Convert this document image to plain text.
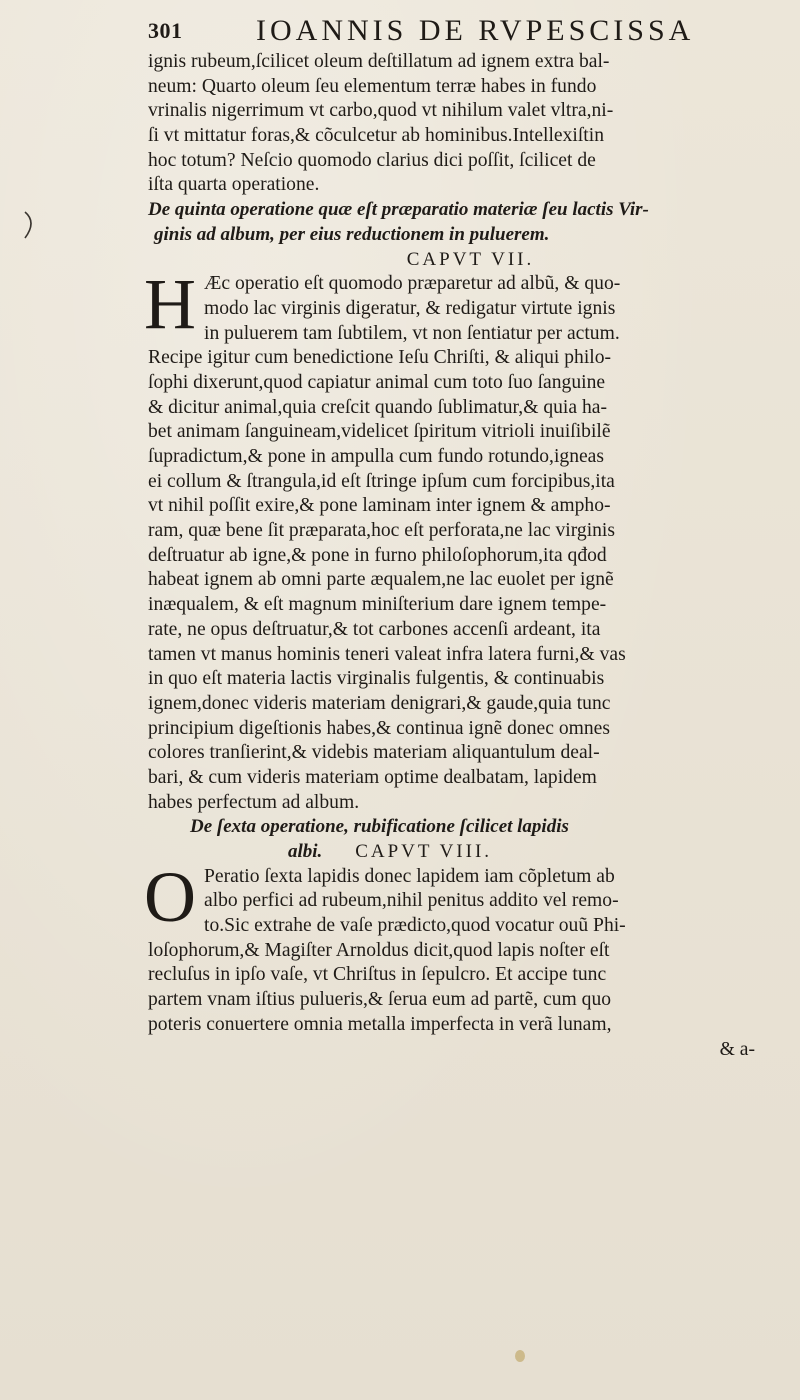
301 IOANNIS DE RVPESCISSA
ignis rubeum,ſcilicet oleum deſtillatum ad ignem extra bal-
neum: Quarto oleum ſeu elementum terræ habes in fundo
vrinalis nigerrimum vt carbo,quod vt nihilum valet vltra,ni-
ſi vt mittatur foras,& cõculcetur ab hominibus.Intellexiſtin
hoc totum? Neſcio quomodo clarius dici poſſit, ſcilicet de
iſta quarta operatione.
De quinta operatione quæ eſt præparatio materiæ ſeu lactis Vir-
ginis ad album, per eius reductionem in puluerem.
CAPVT VII.
H Æc operatio eſt quomodo præparetur ad albũ, & quo-
modo lac virginis digeratur, & redigatur virtute ignis
in puluerem tam ſubtilem, vt non ſentiatur per actum.
Recipe igitur cum benedictione Ieſu Chriſti, & aliqui philo-
ſophi dixerunt,quod capiatur animal cum toto ſuo ſanguine
& dicitur animal,quia creſcit quando ſublimatur,& quia ha-
bet animam ſanguineam,videlicet ſpiritum vitrioli inuiſibilẽ
ſupradictum,& pone in ampulla cum fundo rotundo,igneas
ei collum & ſtrangula,id eſt ſtringe ipſum cum forcipibus,ita
vt nihil poſſit exire,& pone laminam inter ignem & ampho-
ram, quæ bene ſit præparata,hoc eſt perforata,ne lac virginis
deſtruatur ab igne,& pone in furno philoſophorum,ita qđod
habeat ignem ab omni parte æqualem,ne lac euolet per ignẽ
inæqualem, & eſt magnum miniſterium dare ignem tempe-
rate, ne opus deſtruatur,& tot carbones accenſi ardeant, ita
tamen vt manus hominis teneri valeat infra latera furni,& vas
in quo eſt materia lactis virginalis fulgentis, & continuabis
ignem,donec videris materiam denigrari,& gaude,quia tunc
principium digeſtionis habes,& continua ignẽ donec omnes
colores tranſierint,& videbis materiam aliquantulum deal-
bari, & cum videris materiam optime dealbatam, lapidem
habes perfectum ad album.
De ſexta operatione, rubificatione ſcilicet lapidis
albi. CAPVT VIII.
O Peratio ſexta lapidis donec lapidem iam cõpletum ab
albo perfici ad rubeum,nihil penitus addito vel remo-
to.Sic extrahe de vaſe prædicto,quod vocatur ouũ Phi-
loſophorum,& Magiſter Arnoldus dicit,quod lapis noſter eſt
recluſus in ipſo vaſe, vt Chriſtus in ſepulcro. Et accipe tunc
partem vnam iſtius pulueris,& ſerua eum ad partẽ, cum quo
poteris conuertere omnia metalla imperfecta in verã lunam,
& a-
